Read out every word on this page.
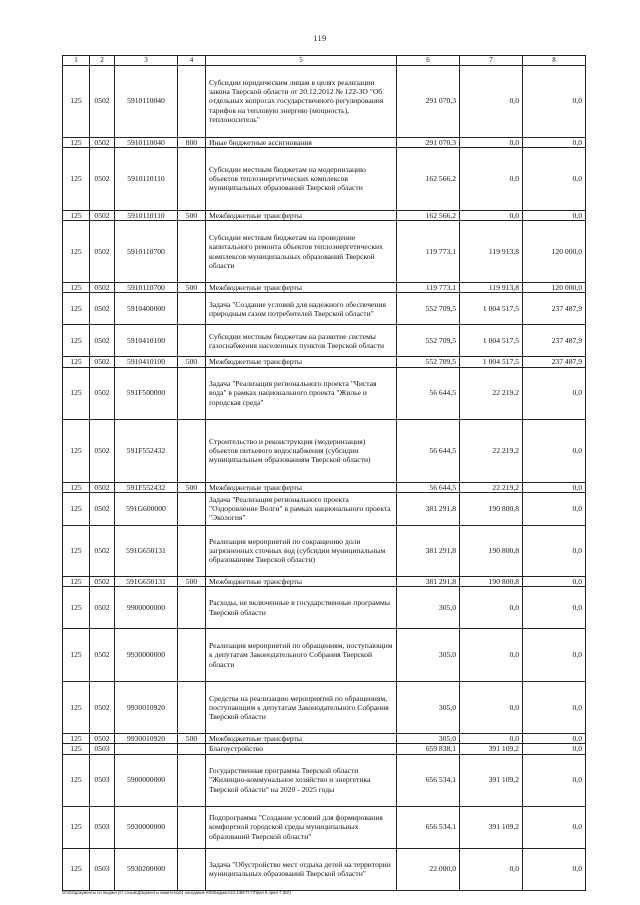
119
1	2	3	4	5	6	7	8
125	0502	5910110040		Субсидии юридическим лицам в целях реализации закона Тверской области от 20.12.2012 № 122-ЗО "Об отдельных вопросах государственного регулирования тарифов на тепловую энергию (мощность), теплоноситель"	291 070,3	0,0	0,0
125	0502	5910110040	800	Иные бюджетные ассигнования	291 070,3	0,0	0,0
125	0502	5910110110		Субсидии местным бюджетам на модернизацию объектов теплоэнергетических комплексов муниципальных образований Тверской области	162 566,2	0,0	0,0
125	0502	5910110110	500	Межбюджетные трансферты	162 566,2	0,0	0,0
125	0502	5910110700		Субсидии местным бюджетам на проведение капитального ремонта объектов теплоэнергетических комплексов муниципальных образований Тверской области	119 773,1	119 913,8	120 000,0
125	0502	5910110700	500	Межбюджетные трансферты	119 773,1	119 913,8	120 000,0
125	0502	5910400000		Задача "Создание условий для надежного обеспечения природным газом потребителей Тверской области"	552 709,5	1 004 517,5	237 487,9
125	0502	5910410100		Субсидии местным бюджетам на развитие системы газоснабжения населенных пунктов Тверской области	552 709,5	1 004 517,5	237 487,9
125	0502	5910410100	500	Межбюджетные трансферты	552 709,5	1 004 517,5	237 487,9
125	0502	591F500000		Задача "Реализация регионального проекта "Чистая вода" в рамках национального проекта "Жилье и городская среда"	56 644,5	22 219,2	0,0
125	0502	591F552432		Строительство и реконструкция (модернизация) объектов питьевого водоснабжения (субсидии муниципальным образованиям Тверской области)	56 644,5	22 219,2	0,0
125	0502	591F552432	500	Межбюджетные трансферты	56 644,5	22 219,2	0,0
125	0502	591G600000		Задача "Реализация регионального проекта "Оздоровление Волги" в рамках национального проекта "Экология"	381 291,8	190 800,8	0,0
125	0502	591G650131		Реализация мероприятий по сокращению доли загрязненных сточных вод (субсидии муниципальным образованиям Тверской области)	381 291,8	190 800,8	0,0
125	0502	591G650131	500	Межбюджетные трансферты	381 291,8	190 800,8	0,0
125	0502	9900000000		Расходы, не включенные в государственные программы Тверской области	305,0	0,0	0,0
125	0502	9930000000		Реализация мероприятий по обращениям, поступающим к депутатам Законодательного Собрания Тверской области	305,0	0,0	0,0
125	0502	9930010920		Средства на реализацию мероприятий по обращениям, поступающим к депутатам Законодательного Собрания Тверской области	305,0	0,0	0,0
125	0502	9930010920	500	Межбюджетные трансферты	305,0	0,0	0,0
125	0503			Благоустройство	659 838,1	391 109,2	0,0
125	0503	5900000000		Государственная программа Тверской области "Жилищно-коммунальное хозяйство и энергетика Тверской области" на 2020 - 2025 годы	656 534,1	391 109,2	0,0
125	0503	5930000000		Подпрограмма "Создание условий для формирования комфортной городской среды муниципальных образований Тверской области"	656 534,1	391 109,2	0,0
125	0503	5930200000		Задача "Обустройство мест отдыха детей на территории муниципальных образований Тверской области"	22 000,0	0,0	0,0
\\Fs03\документы по бюджету\7 созыв\Документы комитета\24 заседание ЮК\Бюджет\24-1\69-П-7\Прил 8 прил 7 (БЛ)
